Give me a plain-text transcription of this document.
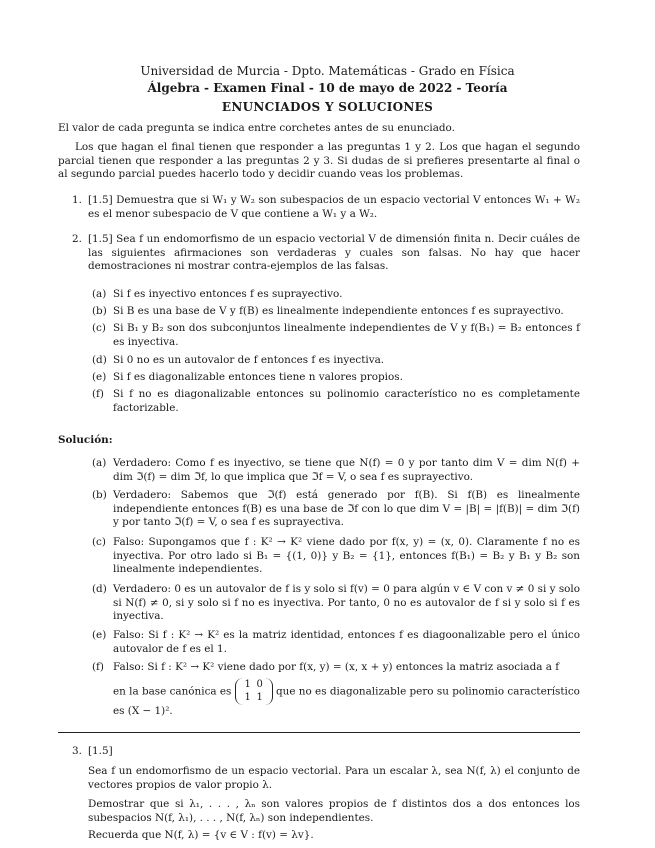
Universidad de Murcia - Dpto. Matemáticas - Grado en Física
Álgebra - Examen Final - 10 de mayo de 2022 - Teoría
ENUNCIADOS Y SOLUCIONES
El valor de cada pregunta se indica entre corchetes antes de su enunciado.
Los que hagan el final tienen que responder a las preguntas 1 y 2. Los que hagan el segundo parcial tienen que responder a las preguntas 2 y 3. Si dudas de si prefieres presentarte al final o al segundo parcial puedes hacerlo todo y decidir cuando veas los problemas.
1. [1.5] Demuestra que si W₁ y W₂ son subespacios de un espacio vectorial V entonces W₁ + W₂ es el menor subespacio de V que contiene a W₁ y a W₂.
2. [1.5] Sea f un endomorfismo de un espacio vectorial V de dimensión finita n. Decir cuáles de las siguientes afirmaciones son verdaderas y cuales son falsas. No hay que hacer demostraciones ni mostrar contra-ejemplos de las falsas.
(a) Si f es inyectivo entonces f es suprayectivo.
(b) Si B es una base de V y f(B) es linealmente independiente entonces f es suprayectivo.
(c) Si B₁ y B₂ son dos subconjuntos linealmente independientes de V y f(B₁) = B₂ entonces f es inyectiva.
(d) Si 0 no es un autovalor de f entonces f es inyectiva.
(e) Si f es diagonalizable entonces tiene n valores propios.
(f) Si f no es diagonalizable entonces su polinomio característico no es completamente factorizable.
Solución:
(a) Verdadero: Como f es inyectivo, se tiene que N(f) = 0 y por tanto dim V = dim N(f) + dim ℑ(f) = dim ℑf, lo que implica que ℑf = V, o sea f es suprayectivo.
(b) Verdadero: Sabemos que ℑ(f) está generado por f(B). Si f(B) es linealmente independiente entonces f(B) es una base de ℑf con lo que dim V = |B| = |f(B)| = dim ℑ(f) y por tanto ℑ(f) = V, o sea f es suprayectiva.
(c) Falso: Supongamos que f : K² → K² viene dado por f(x, y) = (x, 0). Claramente f no es inyectiva. Por otro lado si B₁ = {(1, 0)} y B₂ = {1}, entonces f(B₁) = B₂ y B₁ y B₂ son linealmente independientes.
(d) Verdadero: 0 es un autovalor de f is y solo si f(v) = 0 para algún v ∈ V con v ≠ 0 si y solo si N(f) ≠ 0, si y solo si f no es inyectiva. Por tanto, 0 no es autovalor de f si y solo si f es inyectiva.
(e) Falso: Si f : K² → K² es la matriz identidad, entonces f es diagoonalizable pero el único autovalor de f es el 1.
(f) Falso: Si f : K² → K² viene dado por f(x, y) = (x, x + y) entonces la matriz asociada a f
en la base canónica es 1 0
1 1 que no es diagonalizable pero su polinomio característico
es (X − 1)².
3. [1.5]
Sea f un endomorfismo de un espacio vectorial. Para un escalar λ, sea N(f, λ) el conjunto de vectores propios de valor propio λ.
Demostrar que si λ₁, . . . , λₙ son valores propios de f distintos dos a dos entonces los subespacios N(f, λ₁), . . . , N(f, λₙ) son independientes.
Recuerda que N(f, λ) = {v ∈ V : f(v) = λv}.
